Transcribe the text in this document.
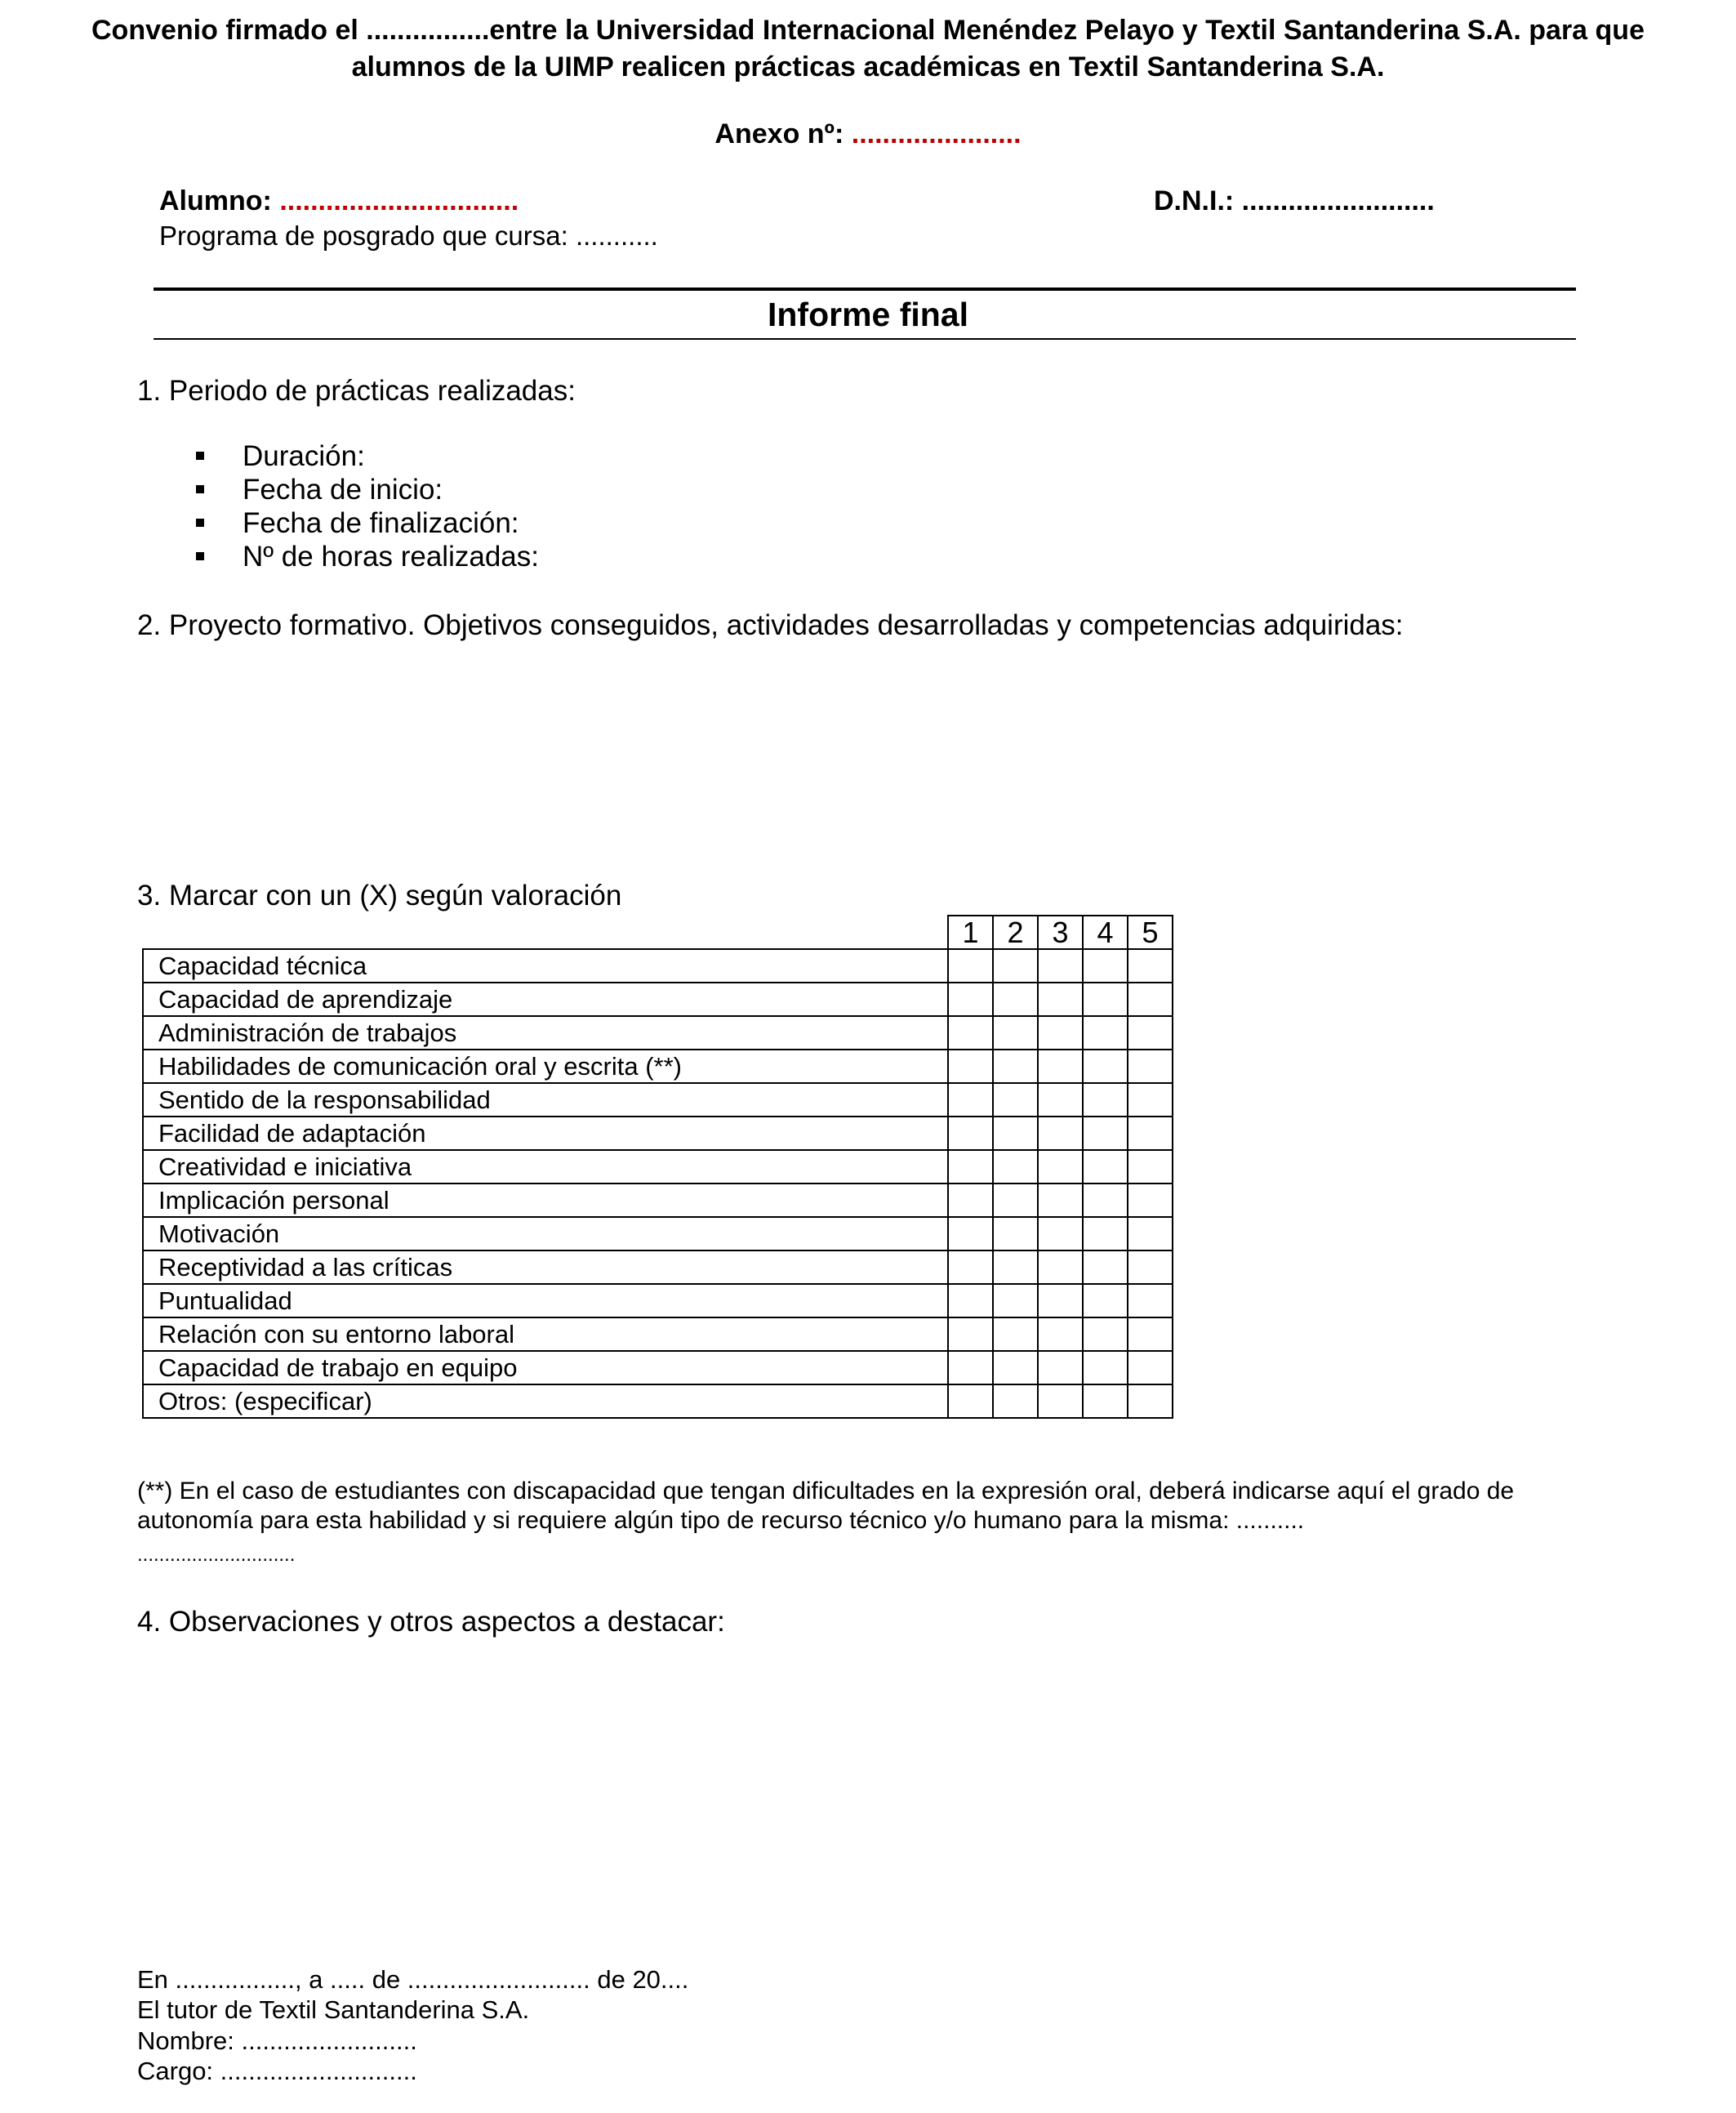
Convenio firmado el ................entre la Universidad Internacional Menéndez Pelayo y Textil Santanderina S.A. para que
alumnos de la UIMP realicen prácticas académicas en Textil Santanderina S.A.
Anexo nº: ......................
Alumno: ...............................	D.N.I.: .........................
Programa de posgrado que cursa: ...........
Informe final
1. Periodo de prácticas realizadas:
Duración:
Fecha de inicio:
Fecha de finalización:
Nº de horas realizadas:
2. Proyecto formativo. Objetivos conseguidos, actividades desarrolladas y competencias adquiridas:
3. Marcar con un (X) según valoración
	1	2	3	4	5
Capacidad técnica					
Capacidad de aprendizaje					
Administración de trabajos					
Habilidades de comunicación oral y escrita (**)					
Sentido de la responsabilidad					
Facilidad de adaptación					
Creatividad e iniciativa					
Implicación personal					
Motivación					
Receptividad a las críticas					
Puntualidad					
Relación con su entorno laboral					
Capacidad de trabajo en equipo					
Otros: (especificar)					
(**) En el caso de estudiantes con discapacidad que tengan dificultades en la expresión oral, deberá indicarse aquí el grado de autonomía para esta habilidad y si requiere algún tipo de recurso técnico y/o humano para la misma: ..........
.............................
4. Observaciones y otros aspectos a destacar:
En ................., a ..... de .......................... de 20....
El tutor de Textil Santanderina S.A.
Nombre: .........................
Cargo: ............................
